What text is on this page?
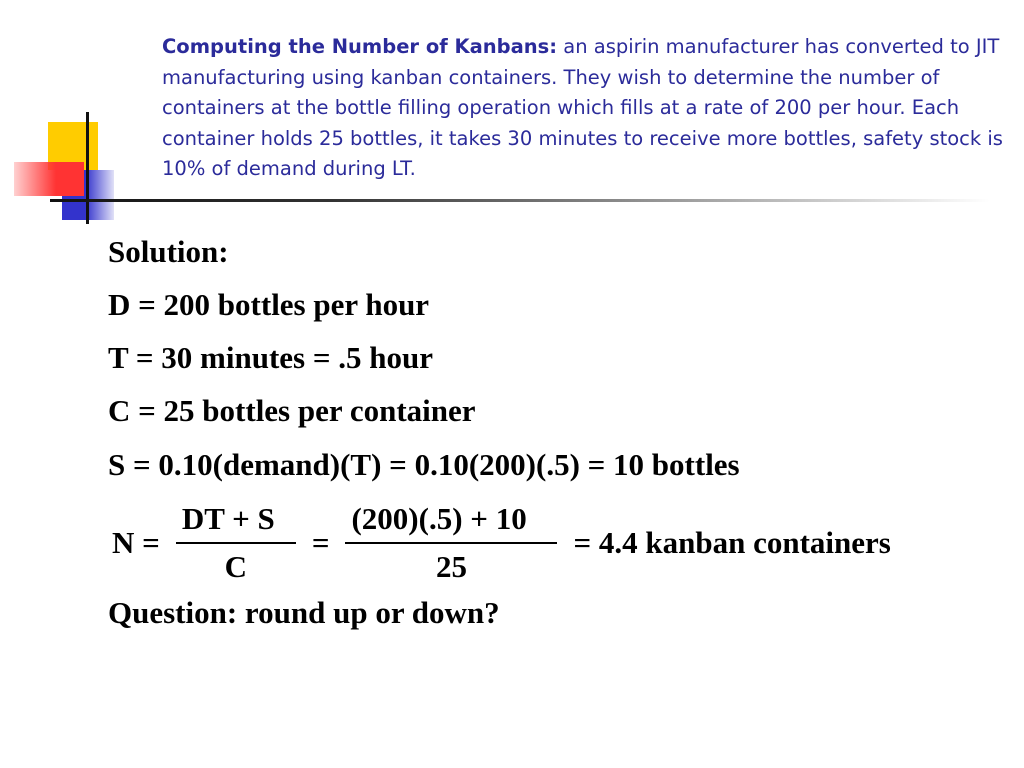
Computing the Number of Kanbans: an aspirin manufacturer has converted to JIT manufacturing using kanban containers. They wish to determine the number of containers at the bottle filling operation which fills at a rate of 200 per hour. Each container holds 25 bottles, it takes 30 minutes to receive more bottles, safety stock is 10% of demand during LT.

Solution:
D = 200 bottles per hour
T = 30 minutes = .5 hour
C = 25 bottles per container
S = 0.10(demand)(T) = 0.10(200)(.5) = 10 bottles
$N = \frac{DT + S}{C} = \frac{(200)(.5) + 10}{25} = 4.4$ kanban containers
Question: round up or down?
